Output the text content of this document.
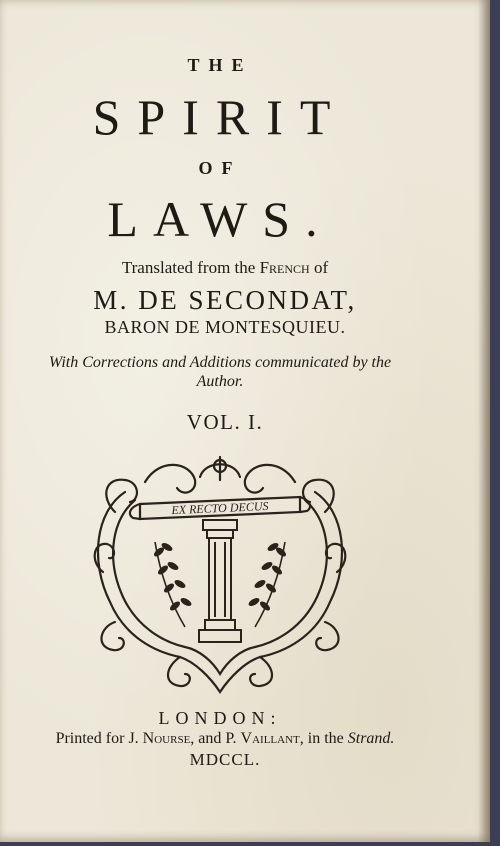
THE
SPIRIT
OF
LAWS.
Translated from the French of
M. DE SECONDAT,
BARON DE MONTESQUIEU.
With Corrections and Additions communicated by the
Author.
VOL. I.
EX RECTO DECUS
LONDON:
Printed for J. Nourse, and P. Vaillant, in the Strand.
MDCCL.
